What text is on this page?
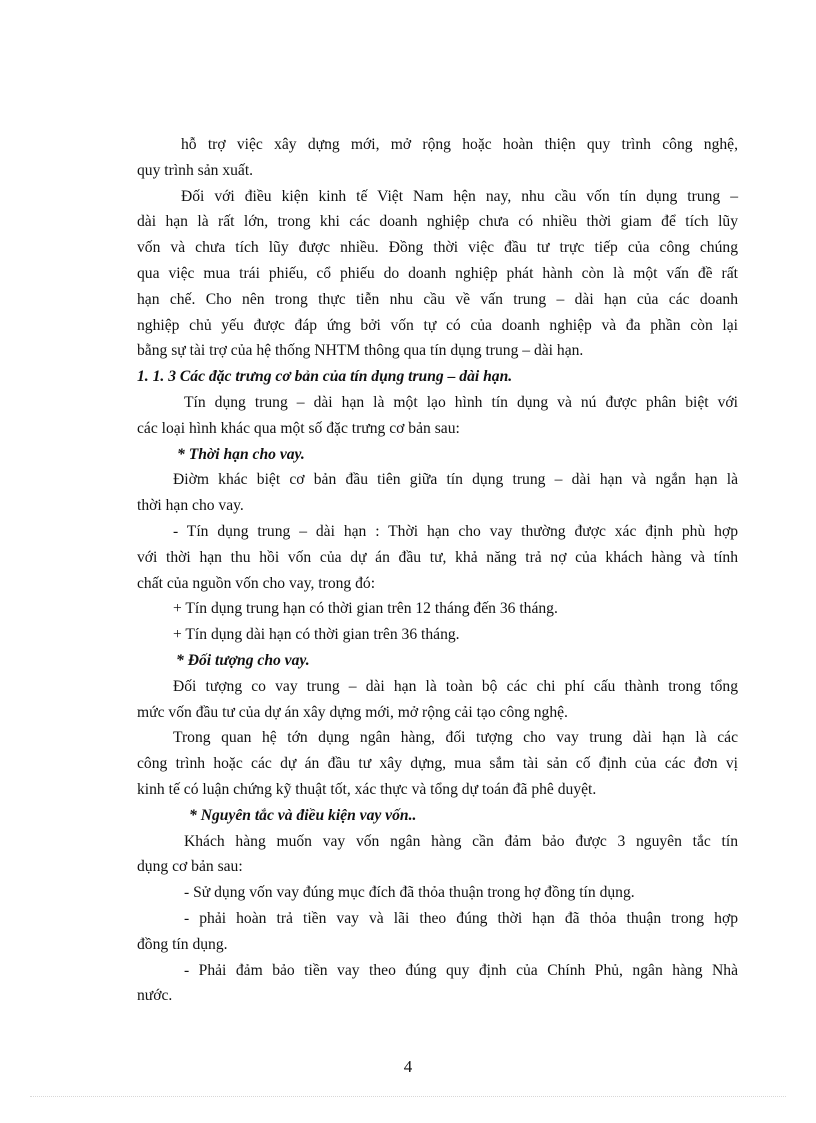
hỗ trợ việc xây dựng mới, mở rộng hoặc hoàn thiện quy trình công nghệ,

quy trình sản xuất.

Đối với điều kiện kinh tế Việt Nam hện nay, nhu cầu vốn tín dụng trung –

dài hạn là rất lớn, trong khi các doanh nghiệp chưa có nhiều thời giam để tích lũy

vốn và chưa tích lũy được nhiều. Đồng thời việc đầu tư trực tiếp của công chúng

qua việc mua trái phiếu, cổ phiếu do doanh nghiệp phát hành còn là một vấn đề rất

hạn chế. Cho nên trong thực tiễn nhu cầu về vấn trung – dài hạn của các doanh

nghiệp chủ yếu được đáp ứng bởi vốn tự có của doanh nghiệp và đa phần còn lại

bằng sự tài trợ của hệ thống NHTM thông qua tín dụng trung – dài hạn.

1. 1. 3 Các đặc trưng cơ bản của tín dụng trung – dài hạn.

Tín dụng trung – dài hạn là một lạo hình tín dụng và nú được phân biệt với

các loại hình khác qua một số đặc trưng cơ bản sau:

* Thời hạn cho vay.

Điờm khác biệt cơ bản đầu tiên giữa tín dụng trung – dài hạn và ngắn hạn là

thời hạn cho vay.

- Tín dụng trung – dài hạn : Thời hạn cho vay thường được xác định phù hợp

với thời hạn thu hồi vốn của dự án đầu tư, khả năng trả nợ của khách hàng và tính

chất của nguồn vốn cho vay, trong đó:

+ Tín dụng trung hạn có thời gian trên 12 tháng đến 36 tháng.

+ Tín dụng dài hạn có thời gian trên 36 tháng.

* Đối tượng cho vay.

Đối tượng co vay trung – dài hạn là toàn bộ các chi phí cấu thành trong tổng

mức vốn đầu tư của dự án xây dựng mới, mở rộng cải tạo công nghệ.

Trong quan hệ tớn dụng ngân hàng, đối tượng cho vay trung dài hạn là các

công trình hoặc các dự án đầu tư xây dựng, mua sắm tài sản cố định của các đơn vị

kinh tế có luận chứng kỹ thuật tốt, xác thực và tổng dự toán đã phê duyệt.

* Nguyên tắc và điều kiện vay vốn..

Khách hàng muốn vay vốn ngân hàng cần đảm bảo được 3 nguyên tắc tín

dụng cơ bản sau:

- Sử dụng vốn vay đúng mục đích đã thỏa thuận trong hợ đồng tín dụng.

- phải hoàn trả tiền vay và lãi theo đúng thời hạn đã thỏa thuận trong hợp

đồng tín dụng.

- Phải đảm bảo tiền vay theo đúng quy định của Chính Phủ, ngân hàng Nhà

nước.

4
